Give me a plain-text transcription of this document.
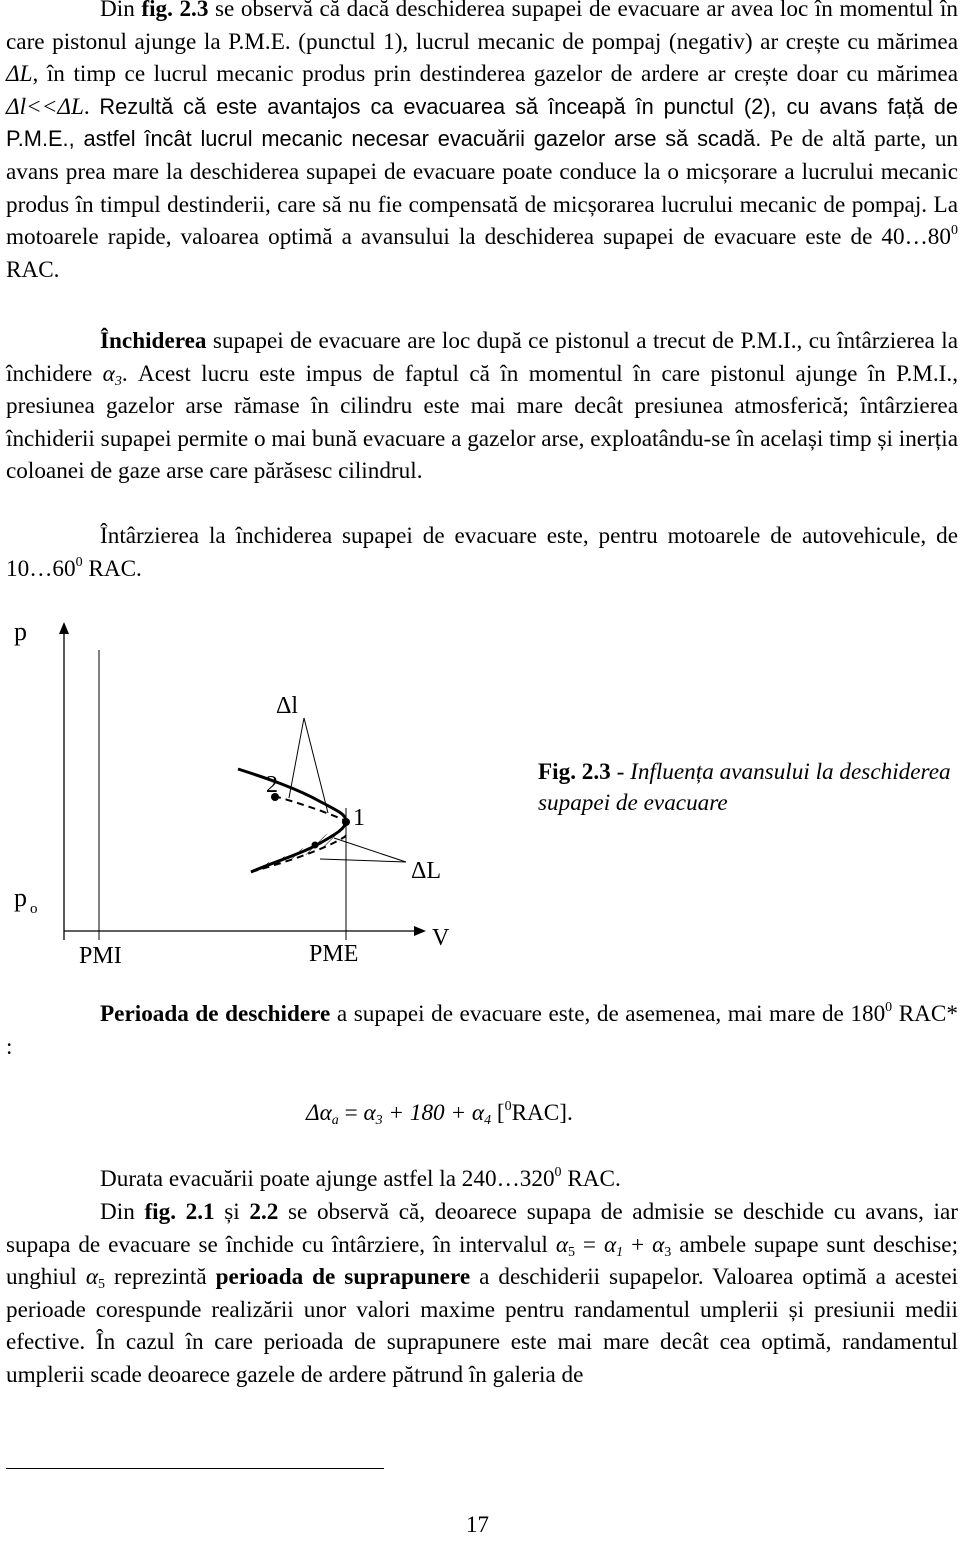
Din fig. 2.3 se observă că dacă deschiderea supapei de evacuare ar avea loc în momentul în care pistonul ajunge la P.M.E. (punctul 1), lucrul mecanic de pompaj (negativ) ar crește cu mărimea ΔL, în timp ce lucrul mecanic produs prin destinderea gazelor de ardere ar crește doar cu mărimea Δl<<ΔL. Rezultă că este avantajos ca evacuarea să înceapă în punctul (2), cu avans față de P.M.E., astfel încât lucrul mecanic necesar evacuării gazelor arse să scadă. Pe de altă parte, un avans prea mare la deschiderea supapei de evacuare poate conduce la o micșorare a lucrului mecanic produs în timpul destinderii, care să nu fie compensată de micșorarea lucrului mecanic de pompaj. La motoarele rapide, valoarea optimă a avansului la deschiderea supapei de evacuare este de $40\dots 80^0$ RAC.

Închiderea supapei de evacuare are loc după ce pistonul a trecut de P.M.I., cu întârzierea la închidere $\alpha_3$. Acest lucru este impus de faptul că în momentul în care pistonul ajunge în P.M.I., presiunea gazelor arse rămase în cilindru este mai mare decât presiunea atmosferică; întârzierea închiderii supapei permite o mai bună evacuare a gazelor arse, exploatându-se în același timp și inerția coloanei de gaze arse care părăsesc cilindrul.

Întârzierea la închiderea supapei de evacuare este, pentru motoarele de autovehicule, de $10\dots 60^0$ RAC.

p
p o
PMI	PME
V
Δl
ΔL
2
1
Fig. 2.3 - Influența avansului la deschiderea supapei de evacuare

Perioada de deschidere a supapei de evacuare este, de asemenea, mai mare de $180^0$ RAC* :

$\Delta\alpha_a = \alpha_3 + 180 + \alpha_4$ [$^0$RAC].

Durata evacuării poate ajunge astfel la $240\dots 320^0$ RAC.

Din fig. 2.1 și 2.2 se observă că, deoarece supapa de admisie se deschide cu avans, iar supapa de evacuare se închide cu întârziere, în intervalul $\alpha_5 = \alpha_1 + \alpha_3$ ambele supape sunt deschise; unghiul $\alpha_5$ reprezintă perioada de suprapunere a deschiderii supapelor. Valoarea optimă a acestei perioade corespunde realizării unor valori maxime pentru randamentul umplerii și presiunii medii efective. În cazul în care perioada de suprapunere este mai mare decât cea optimă, randamentul umplerii scade deoarece gazele de ardere pătrund în galeria de

17
